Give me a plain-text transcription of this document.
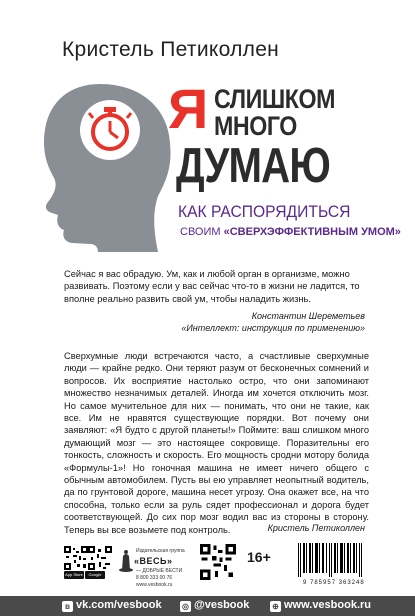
Кристель Петиколлен
Я СЛИШКОМ
МНОГО
ДУМАЮ
КАК РАСПОРЯДИТЬСЯ
СВОИМ «СВЕРХЭФФЕКТИВНЫМ УМОМ»
Сейчас я вас обрадую. Ум, как и любой орган в организме, можно развивать. Поэтому если у вас сейчас что-то в жизни не ладится, то вполне реально развить свой ум, чтобы наладить жизнь.
Константин Шереметьев
«Интеллект: инструкция по применению»

Сверхумные люди встречаются часто, а счастливые сверхумные люди — крайне редко. Они теряют разум от бесконечных сомнений и вопросов. Их восприятие настолько остро, что они запоминают множество незначимых деталей. Иногда им хочется отключить мозг. Но самое мучительное для них — понимать, что они не такие, как все. Им не нравятся существующие порядки. Вот почему они заявляют: «Я будто с другой планеты!» Поймите: ваш слишком много думающий мозг — это настоящее сокровище. Поразительны его тонкость, сложность и скорость. Его мощность сродни мотору болида «Формулы-1»! Но гоночная машина не имеет ничего общего с обычным автомобилем. Пусть вы ею управляет неопытный водитель, да по грунтовой дороге, машина несет угрозу. Она окажет все, на что способна, только если за руль сядет профессионал и дорога будет соответствующей. До сих пор мозг водил вас из стороны в сторону. Теперь вы все возьмете под контроль.	Кристель Петиколлен
App Store	Google play
Издательская группа
«ВЕСЬ»
— ДОБРЫЕ ВЕСТИ
8 800 333 00 76
www.vesbook.ru
16+
9 785957 363248
в vk.com/vesbook	◎ @vesbook	⊕ www.vesbook.ru
